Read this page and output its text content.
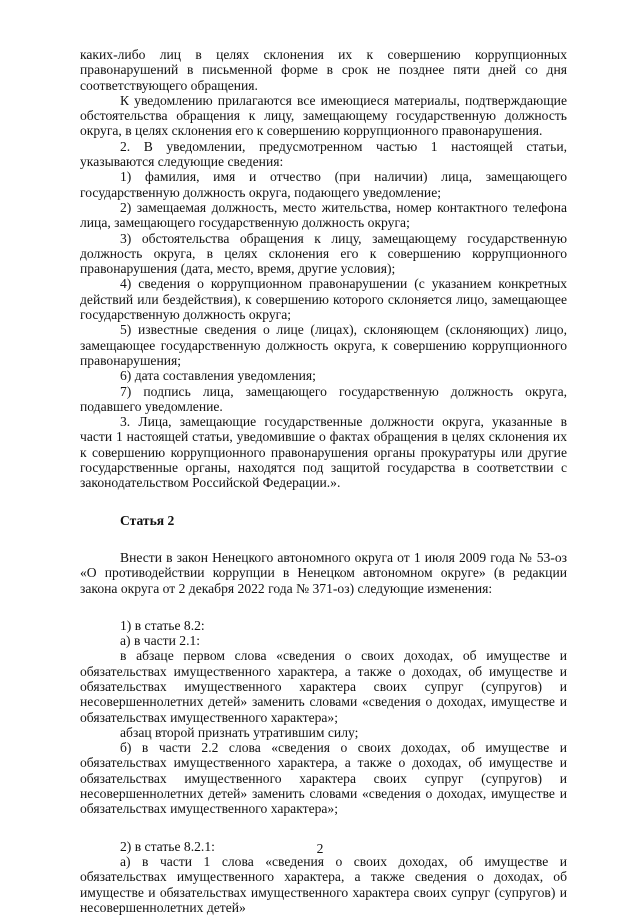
каких-либо лиц в целях склонения их к совершению коррупционных правонарушений в письменной форме в срок не позднее пяти дней со дня соответствующего обращения.

К уведомлению прилагаются все имеющиеся материалы, подтверждающие обстоятельства обращения к лицу, замещающему государственную должность округа, в целях склонения его к совершению коррупционного правонарушения.

2. В уведомлении, предусмотренном частью 1 настоящей статьи, указываются следующие сведения:

1) фамилия, имя и отчество (при наличии) лица, замещающего государственную должность округа, подающего уведомление;

2) замещаемая должность, место жительства, номер контактного телефона лица, замещающего государственную должность округа;

3) обстоятельства обращения к лицу, замещающему государственную должность округа, в целях склонения его к совершению коррупционного правонарушения (дата, место, время, другие условия);

4) сведения о коррупционном правонарушении (с указанием конкретных действий или бездействия), к совершению которого склоняется лицо, замещающее государственную должность округа;

5) известные сведения о лице (лицах), склоняющем (склоняющих) лицо, замещающее государственную должность округа, к совершению коррупционного правонарушения;

6) дата составления уведомления;

7) подпись лица, замещающего государственную должность округа, подавшего уведомление.

3. Лица, замещающие государственные должности округа, указанные в части 1 настоящей статьи, уведомившие о фактах обращения в целях склонения их к совершению коррупционного правонарушения органы прокуратуры или другие государственные органы, находятся под защитой государства в соответствии с законодательством Российской Федерации.».

Статья 2

Внести в закон Ненецкого автономного округа от 1 июля 2009 года № 53-оз «О противодействии коррупции в Ненецком автономном округе» (в редакции закона округа от 2 декабря 2022 года № 371-оз) следующие изменения:

1) в статье 8.2:

а) в части 2.1:

в абзаце первом слова «сведения о своих доходах, об имуществе и обязательствах имущественного характера, а также о доходах, об имуществе и обязательствах имущественного характера своих супруг (супругов) и несовершеннолетних детей» заменить словами «сведения о доходах, имуществе и обязательствах имущественного характера»;

абзац второй признать утратившим силу;

б) в части 2.2 слова «сведения о своих доходах, об имуществе и обязательствах имущественного характера, а также о доходах, об имуществе и обязательствах имущественного характера своих супруг (супругов) и несовершеннолетних детей» заменить словами «сведения о доходах, имуществе и обязательствах имущественного характера»;

2) в статье 8.2.1:

а) в части 1 слова «сведения о своих доходах, об имуществе и обязательствах имущественного характера, а также сведения о доходах, об имуществе и обязательствах имущественного характера своих супруг (супругов) и несовершеннолетних детей»

2
